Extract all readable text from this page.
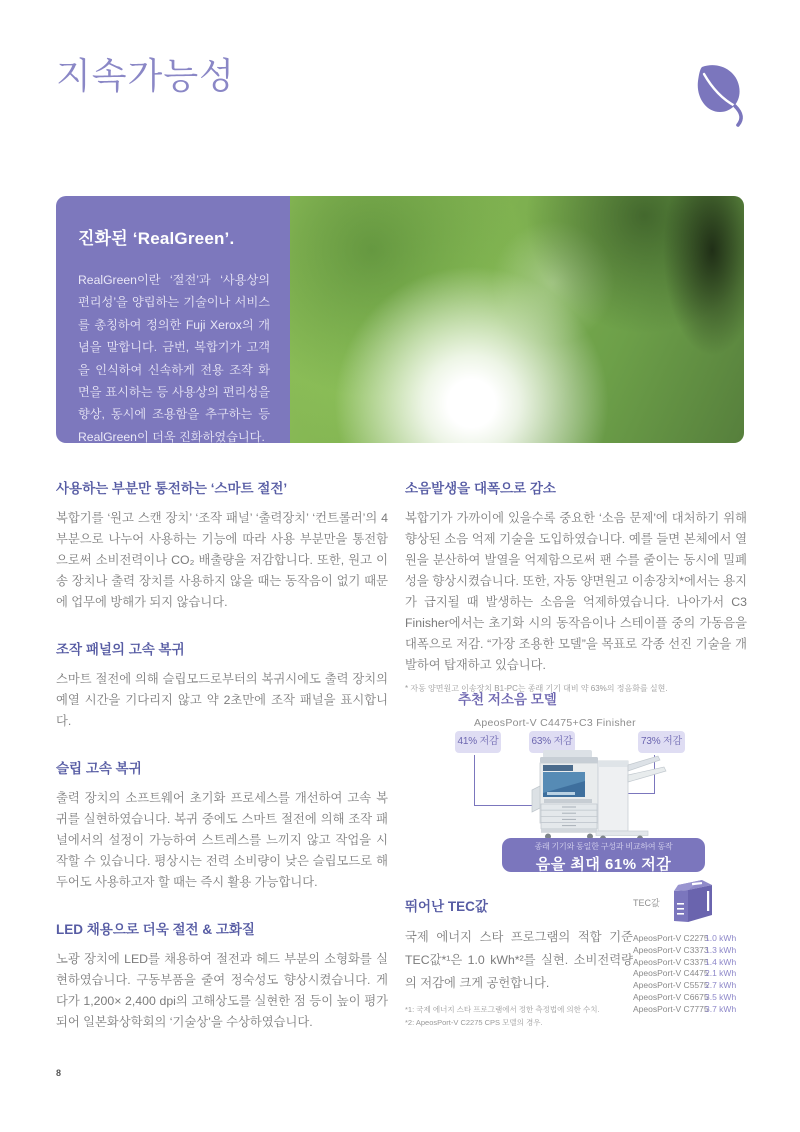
지속가능성
진화된 ‘RealGreen’.
RealGreen이란 ‘절전’과 ‘사용상의 편리성’을 양립하는 기술이나 서비스를 총칭하여 정의한 Fuji Xerox의 개념을 말합니다. 금번, 복합기가 고객을 인식하여 신속하게 전용 조작 화면을 표시하는 등 사용상의 편리성을 향상, 동시에 조용함을 추구하는 등 RealGreen이 더욱 진화하였습니다.
사용하는 부분만 통전하는 ‘스마트 절전’
복합기를 ‘원고 스캔 장치’ ‘조작 패널’ ‘출력장치’ ‘컨트롤러’의 4 부분으로 나누어 사용하는 기능에 따라 사용 부분만을 통전함으로써 소비전력이나 CO₂ 배출량을 저감합니다. 또한, 원고 이송 장치나 출력 장치를 사용하지 않을 때는 동작음이 없기 때문에 업무에 방해가 되지 않습니다.
조작 패널의 고속 복귀
스마트 절전에 의해 슬립모드로부터의 복귀시에도 출력 장치의 예열 시간을 기다리지 않고 약 2초만에 조작 패널을 표시합니다.
슬립 고속 복귀
출력 장치의 소프트웨어 초기화 프로세스를 개선하여 고속 복귀를 실현하였습니다. 복귀 중에도 스마트 절전에 의해 조작 패널에서의 설정이 가능하여 스트레스를 느끼지 않고 작업을 시작할 수 있습니다. 평상시는 전력 소비량이 낮은 슬립모드로 해 두어도 사용하고자 할 때는 즉시 활용 가능합니다.
LED 채용으로 더욱 절전 & 고화질
노광 장치에 LED를 채용하여 절전과 헤드 부분의 소형화를 실현하였습니다. 구동부품을 줄여 정숙성도 향상시켰습니다. 게다가 1,200× 2,400 dpi의 고해상도를 실현한 점 등이 높이 평가되어 일본화상학회의 ‘기술상’을 수상하였습니다.
소음발생을 대폭으로 감소
복합기가 가까이에 있을수록 중요한 ‘소음 문제’에 대처하기 위해 향상된 소음 억제 기술을 도입하였습니다. 예를 들면 본체에서 열원을 분산하여 발열을 억제함으로써 팬 수를 줄이는 동시에 밀폐성을 향상시켰습니다. 또한, 자동 양면원고 이송장치*에서는 용지가 급지될 때 발생하는 소음을 억제하였습니다. 나아가서 C3 Finisher에서는 초기화 시의 동작음이나 스테이플 중의 가동음을 대폭으로 저감. “가장 조용한 모델”을 목표로 각종 선진 기술을 개발하여 탑재하고 있습니다.
* 자동 양면원고 이송장치 B1-PC는 종래 기기 대비 약 63%의 정음화를 실현.
추천 저소음 모델
ApeosPort-V C4475+C3 Finisher
41% 저감	63% 저감	73% 저감
종래 기기와 동일한 구성과 비교하여 동작
음을 최대 61% 저감
뛰어난 TEC값
국제 에너지 스타 프로그램의 적합 기준 TEC값*¹은 1.0 kWh*²를 실현. 소비전력량의 저감에 크게 공헌합니다.
*1: 국제 에너지 스타 프로그램에서 정한 측정법에 의한 수치.
*2: ApeosPort-V C2275 CPS 모델의 경우.
TEC값
ApeosPort-V C2275
1.0 kWh
ApeosPort-V C3373
1.3 kWh
ApeosPort-V C3375
1.4 kWh
ApeosPort-V C4475
2.1 kWh
ApeosPort-V C5575
2.7 kWh
ApeosPort-V C6675
3.5 kWh
ApeosPort-V C7775
3.7 kWh
8
